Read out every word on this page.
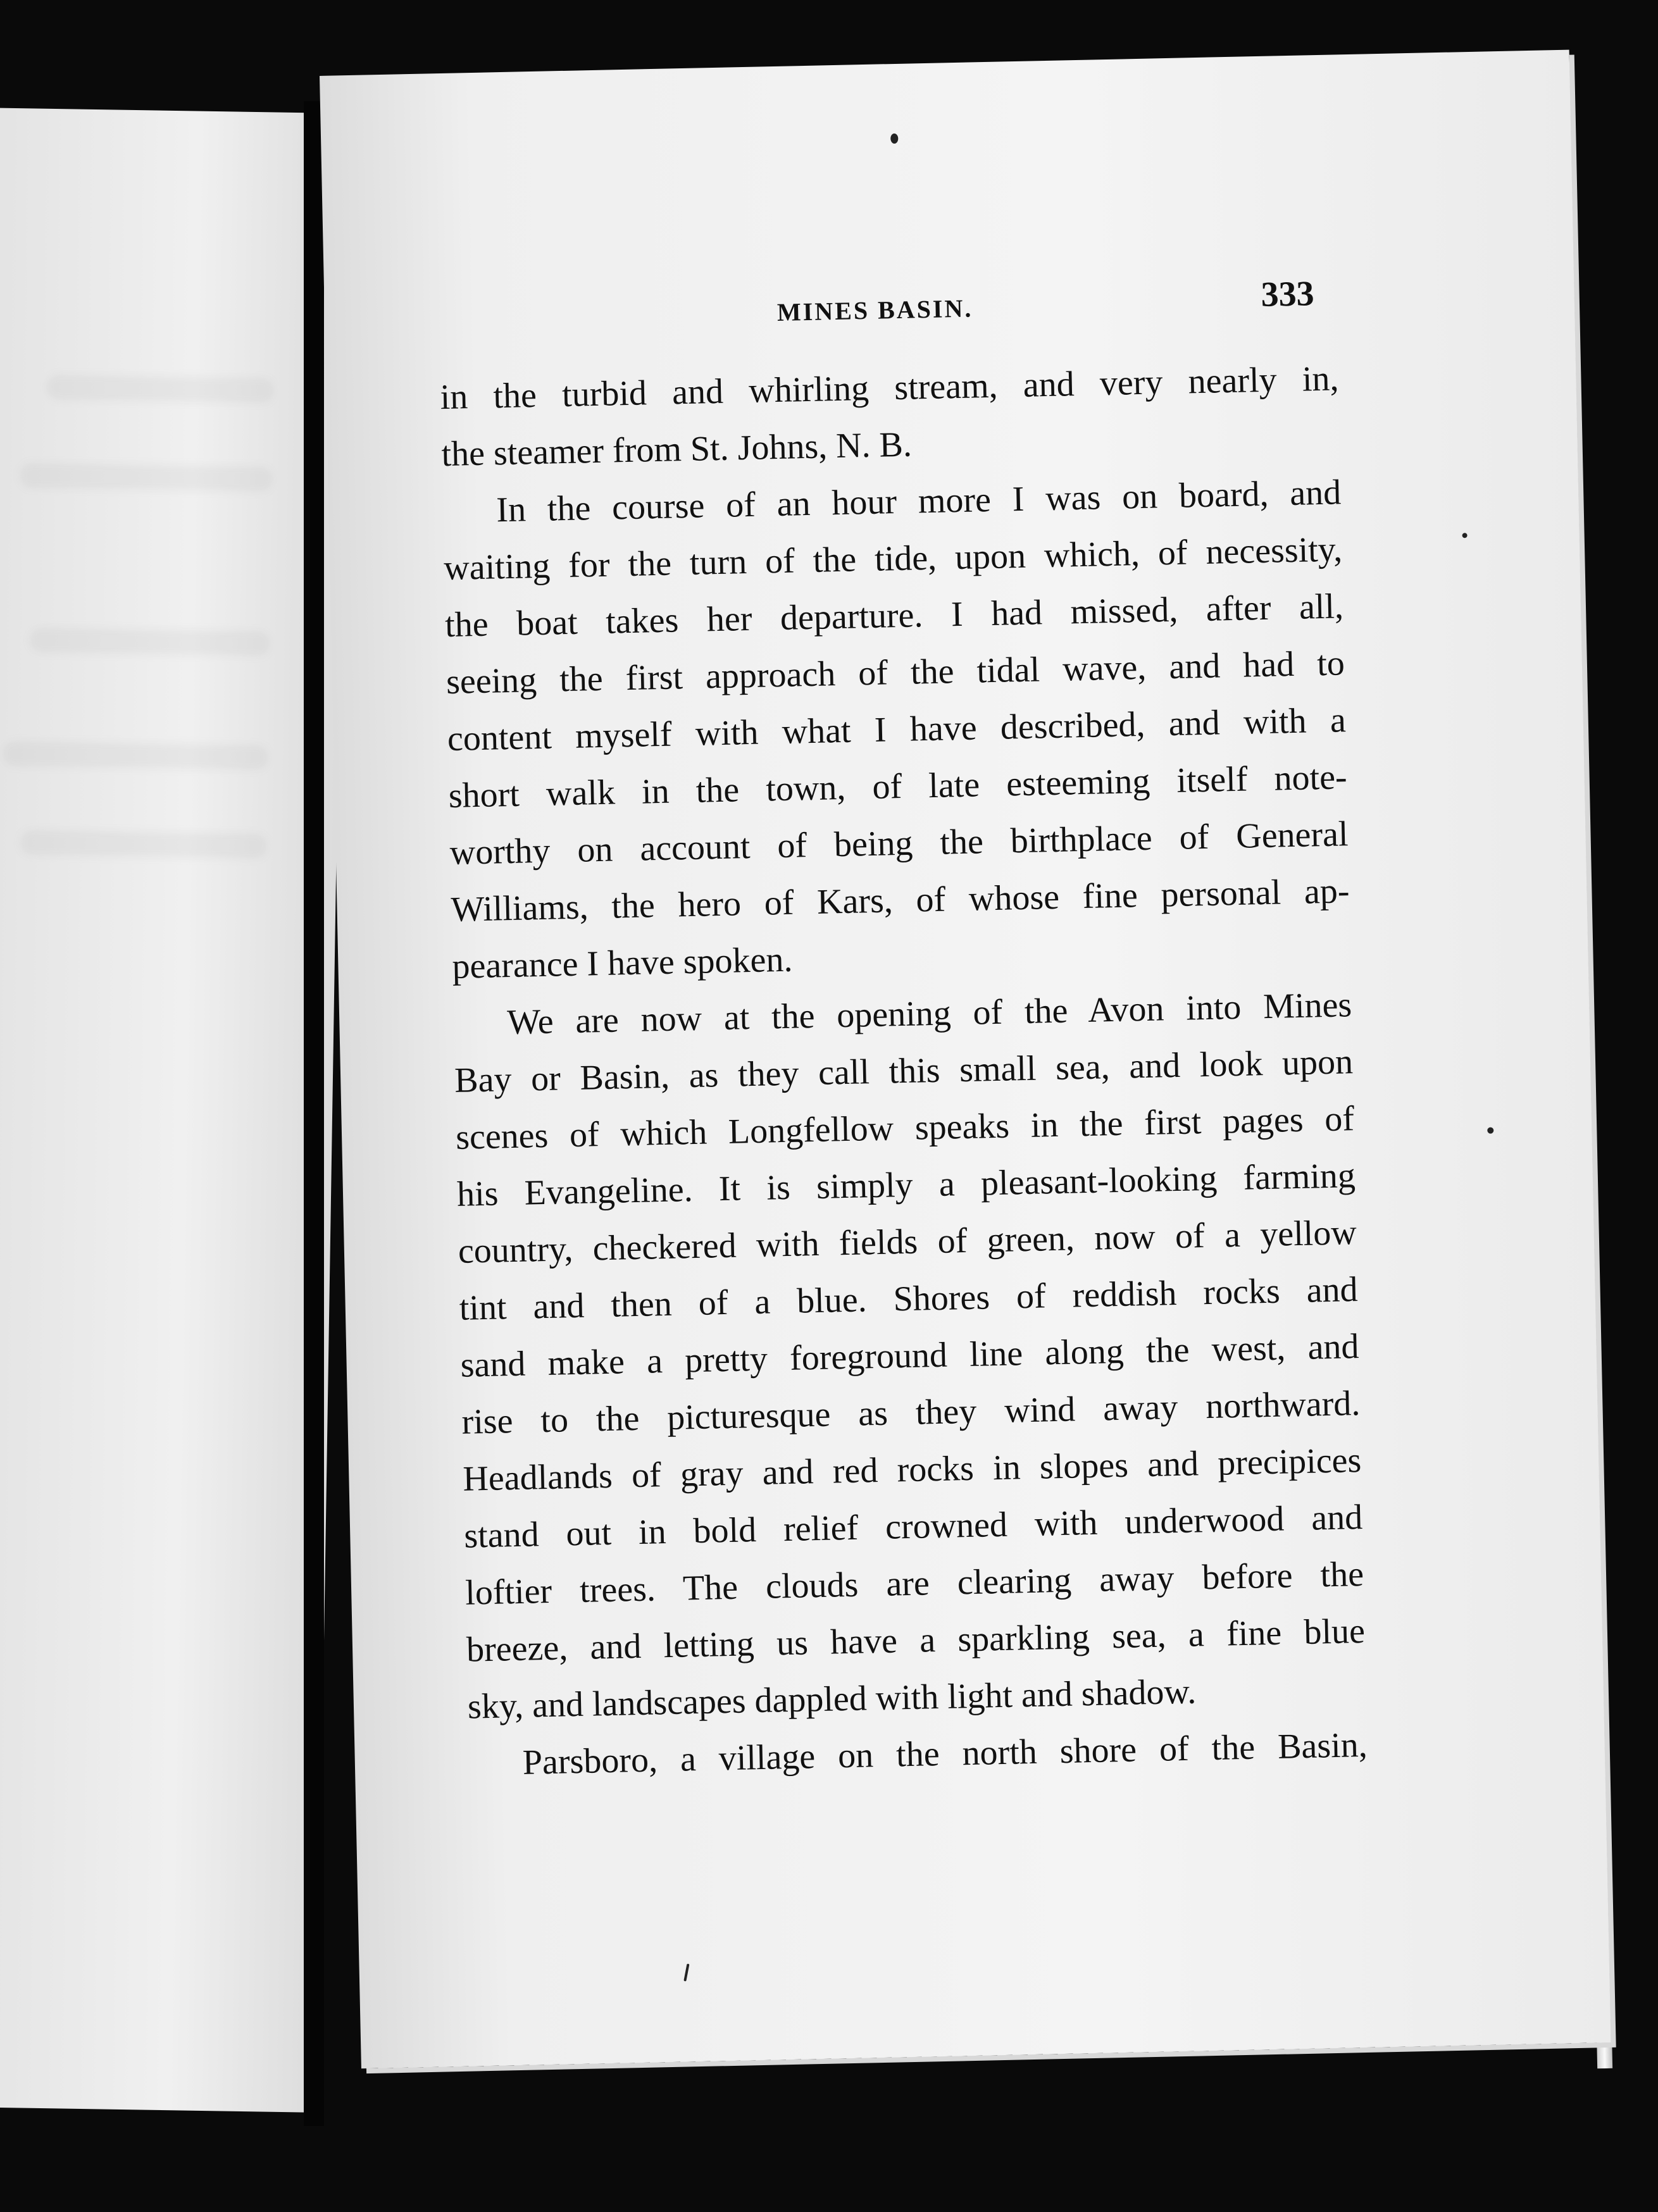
MINES BASIN.	333
in the turbid and whirling stream, and very nearly in,
the steamer from St. Johns, N. B.
In the course of an hour more I was on board, and
waiting for the turn of the tide, upon which, of necessity,
the boat takes her departure. I had missed, after all,
seeing the first approach of the tidal wave, and had to
content myself with what I have described, and with a
short walk in the town, of late esteeming itself note-
worthy on account of being the birthplace of General
Williams, the hero of Kars, of whose fine personal ap-
pearance I have spoken.
We are now at the opening of the Avon into Mines
Bay or Basin, as they call this small sea, and look upon
scenes of which Longfellow speaks in the first pages of
his Evangeline. It is simply a pleasant-looking farming
country, checkered with fields of green, now of a yellow
tint and then of a blue. Shores of reddish rocks and
sand make a pretty foreground line along the west, and
rise to the picturesque as they wind away northward.
Headlands of gray and red rocks in slopes and precipices
stand out in bold relief crowned with underwood and
loftier trees. The clouds are clearing away before the
breeze, and letting us have a sparkling sea, a fine blue
sky, and landscapes dappled with light and shadow.
Parsboro, a village on the north shore of the Basin,
